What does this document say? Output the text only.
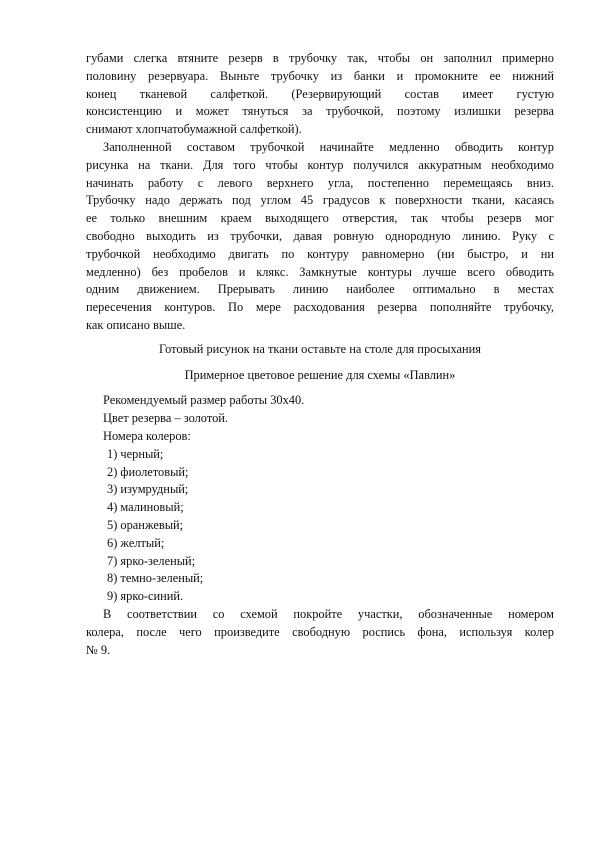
губами слегка втяните резерв в трубочку так, чтобы он заполнил примерно
половину резервуара. Выньте трубочку из банки и промокните ее нижний
конец тканевой салфеткой. (Резервирующий состав имеет густую
консистенцию и может тянуться за трубочкой, поэтому излишки резерва
снимают хлопчатобумажной салфеткой).
Заполненной составом трубочкой начинайте медленно обводить контур
рисунка на ткани. Для того чтобы контур получился аккуратным необходимо
начинать работу с левого верхнего угла, постепенно перемещаясь вниз.
Трубочку надо держать под углом 45 градусов к поверхности ткани, касаясь
ее только внешним краем выходящего отверстия, так чтобы резерв мог
свободно выходить из трубочки, давая ровную однородную линию. Руку с
трубочкой необходимо двигать по контуру равномерно (ни быстро, и ни
медленно) без пробелов и клякс. Замкнутые контуры лучше всего обводить
одним движением. Прерывать линию наиболее оптимально в местах
пересечения контуров. По мере расходования резерва пополняйте трубочку,
как описано выше.
Готовый рисунок на ткани оставьте на столе для просыхания
Примерное цветовое решение для схемы «Павлин»
Рекомендуемый размер работы 30х40.
Цвет резерва – золотой.
Номера колеров:
1) черный;
2) фиолетовый;
3) изумрудный;
4) малиновый;
5) оранжевый;
6) желтый;
7) ярко-зеленый;
8) темно-зеленый;
9) ярко-синий.
В соответствии со схемой покройте участки, обозначенные номером
колера, после чего произведите свободную роспись фона, используя колер
№ 9.
